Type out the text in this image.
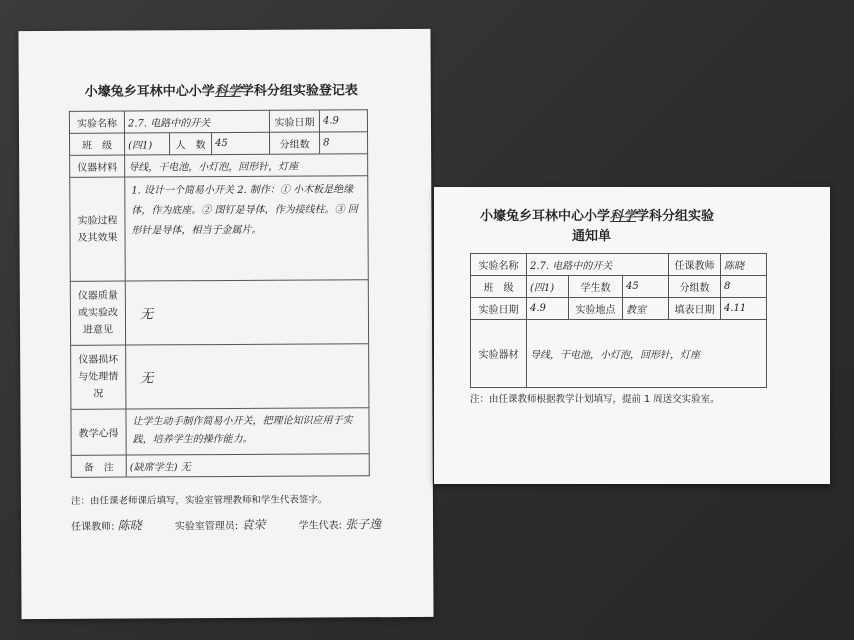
小壕兔乡耳林中心小学科学学科分组实验登记表
实验名称	2.7. 电路中的开关			实验日期	4.9
班　级	(四1)	人　数	45	分组数	8
仪器材料	导线，干电池，小灯泡，回形针，灯座				
实验过程及其效果	1. 设计一个简易小开关 2. 制作：① 小木板是绝缘体，作为底座。② 图钉是导体，作为接线柱。③ 回形针是导体，相当于金属片。				
仪器质量或实验改进意见	无				
仪器损坏与处理情况	无				
教学心得	让学生动手制作简易小开关，把理论知识应用于实践，培养学生的操作能力。				
备　注	(缺席学生) 无				
注：由任课老师课后填写，实验室管理教师和学生代表签字。
任课教师: 陈晓	实验室管理员: 袁荣	学生代表: 张子逸
小壕兔乡耳林中心小学科学学科分组实验
通知单
实验名称	2.7. 电路中的开关			任课教师	陈晓
班　级	(四1)	学生数	45	分组数	8
实验日期	4.9	实验地点	教室	填表日期	4.11
实验器材	导线，干电池，小灯泡，回形针，灯座				
注：由任课教师根据教学计划填写，提前 1 周送交实验室。
